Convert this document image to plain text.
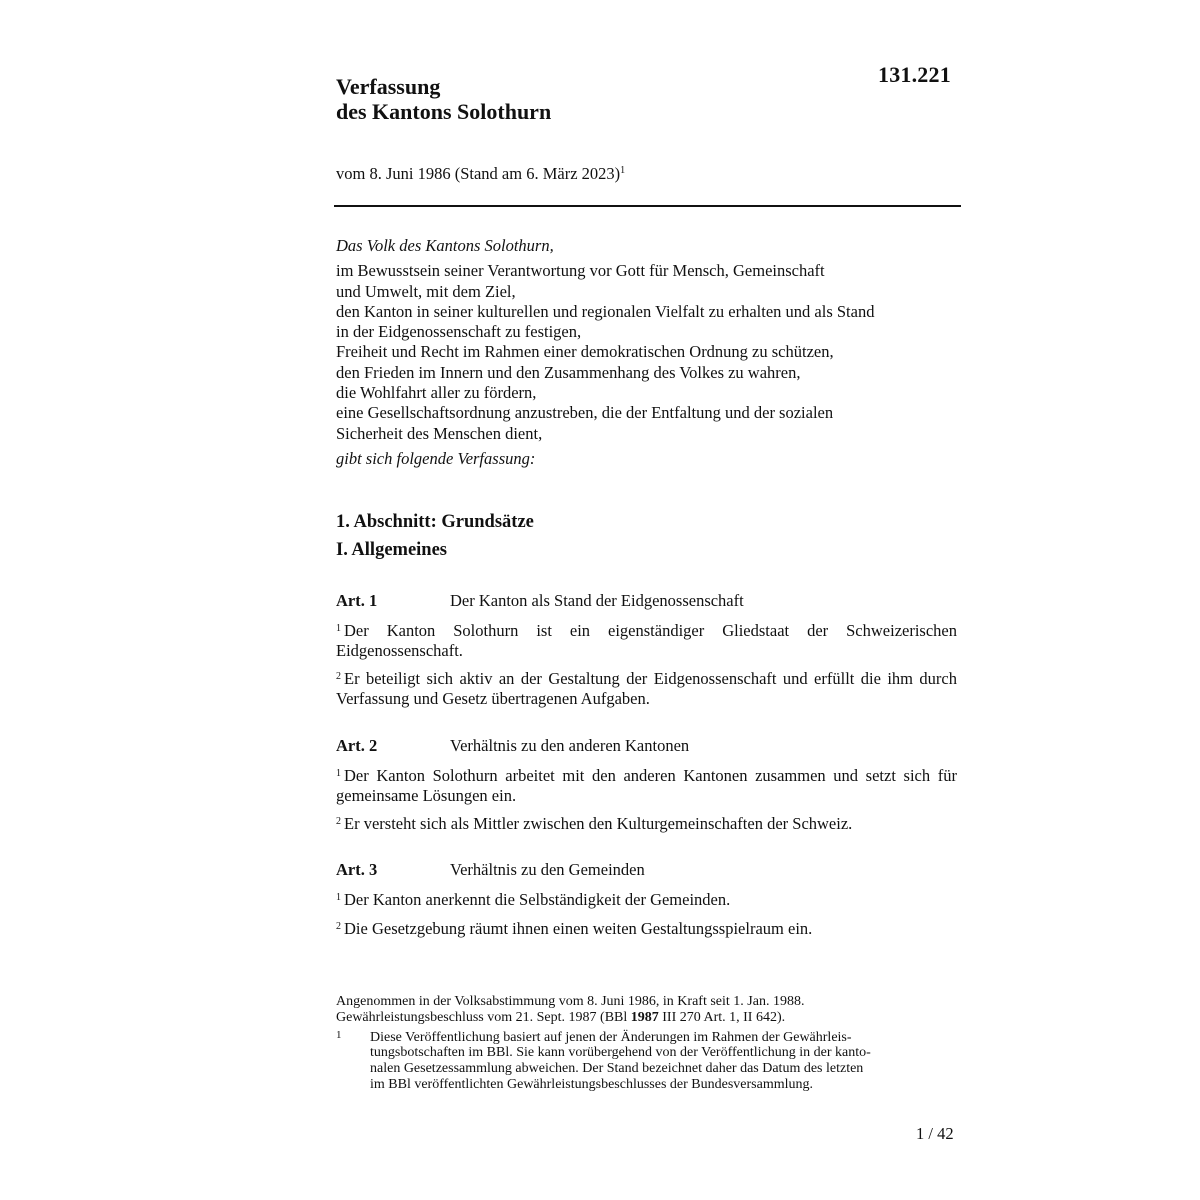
131.221
Verfassung
des Kantons Solothurn
vom 8. Juni 1986 (Stand am 6. März 2023)$^1$
Das Volk des Kantons Solothurn,
im Bewusstsein seiner Verantwortung vor Gott für Mensch, Gemeinschaft
und Umwelt, mit dem Ziel,
den Kanton in seiner kulturellen und regionalen Vielfalt zu erhalten und als Stand
in der Eidgenossenschaft zu festigen,
Freiheit und Recht im Rahmen einer demokratischen Ordnung zu schützen,
den Frieden im Innern und den Zusammenhang des Volkes zu wahren,
die Wohlfahrt aller zu fördern,
eine Gesellschaftsordnung anzustreben, die der Entfaltung und der sozialen
Sicherheit des Menschen dient,
gibt sich folgende Verfassung:
1. Abschnitt: Grundsätze
I. Allgemeines
Art. 1	Der Kanton als Stand der Eidgenossenschaft
$^1$ Der Kanton Solothurn ist ein eigenständiger Gliedstaat der Schweizerischen Eidgenossenschaft.
$^2$ Er beteiligt sich aktiv an der Gestaltung der Eidgenossenschaft und erfüllt die ihm durch Verfassung und Gesetz übertragenen Aufgaben.
Art. 2	Verhältnis zu den anderen Kantonen
$^1$ Der Kanton Solothurn arbeitet mit den anderen Kantonen zusammen und setzt sich für gemeinsame Lösungen ein.
$^2$ Er versteht sich als Mittler zwischen den Kulturgemeinschaften der Schweiz.
Art. 3	Verhältnis zu den Gemeinden
$^1$ Der Kanton anerkennt die Selbständigkeit der Gemeinden.
$^2$ Die Gesetzgebung räumt ihnen einen weiten Gestaltungsspielraum ein.
Angenommen in der Volksabstimmung vom 8. Juni 1986, in Kraft seit 1. Jan. 1988.
Gewährleistungsbeschluss vom 21. Sept. 1987 (BBl 1987 III 270 Art. 1, II 642).
1 Diese Veröffentlichung basiert auf jenen der Änderungen im Rahmen der Gewährleis-
tungsbotschaften im BBl. Sie kann vorübergehend von der Veröffentlichung in der kanto-
nalen Gesetzessammlung abweichen. Der Stand bezeichnet daher das Datum des letzten
im BBl veröffentlichten Gewährleistungsbeschlusses der Bundesversammlung.
1 / 42
